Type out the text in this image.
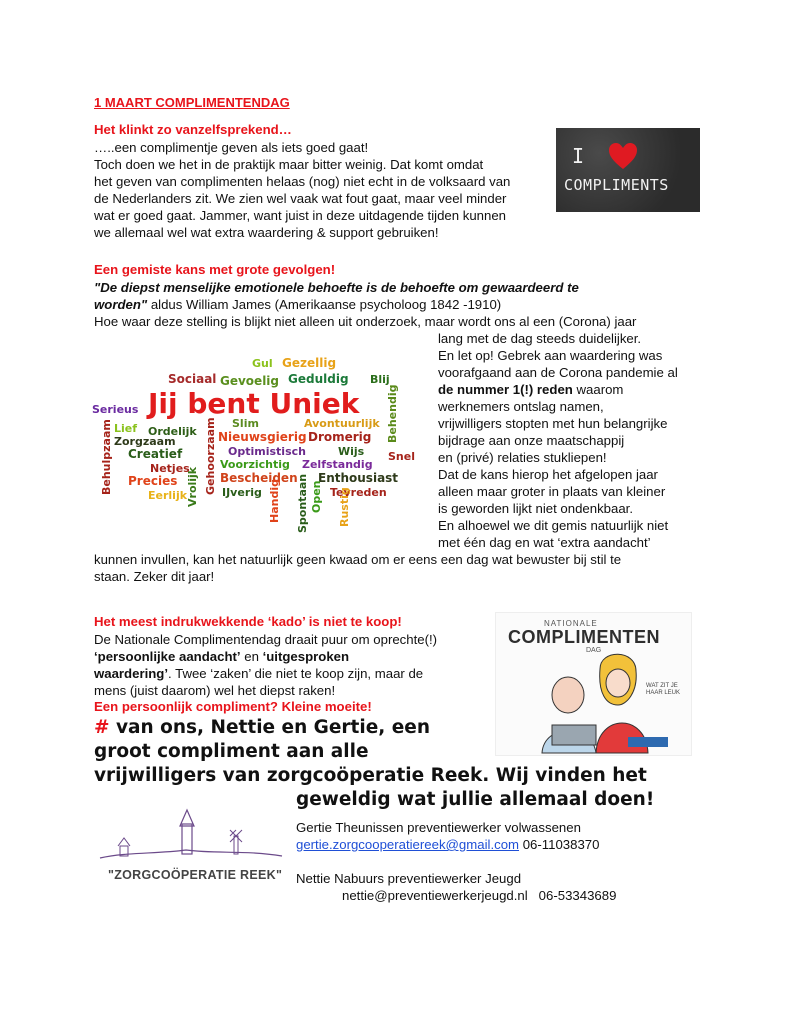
1 MAART COMPLIMENTENDAG
Het klinkt zo vanzelfsprekend…
…..een complimentje geven als iets goed gaat!
Toch doen we het in de praktijk maar bitter weinig. Dat komt omdat
het geven van complimenten helaas (nog) niet echt in de volksaard van
de Nederlanders zit. We zien wel vaak wat fout gaat, maar veel minder
wat er goed gaat. Jammer, want juist in deze uitdagende tijden kunnen
we allemaal wel wat extra waardering & support gebruiken!
I
COMPLIMENTS
Een gemiste kans met grote gevolgen!
"De diepst menselijke emotionele behoefte is de behoefte om gewaardeerd te
worden" aldus William James (Amerikaanse psycholoog 1842 -1910)
Hoe waar deze stelling is blijkt niet alleen uit onderzoek, maar wordt ons al een (Corona) jaar
lang met de dag steeds duidelijker.
En let op! Gebrek aan waardering was
voorafgaand aan de Corona pandemie al
de nummer 1(!) reden waarom
werknemers ontslag namen,
vrijwilligers stopten met hun belangrijke
bijdrage aan onze maatschappij
en (privé) relaties stukliepen!
Dat de kans hierop het afgelopen jaar
alleen maar groter in plaats van kleiner
is geworden lijkt niet ondenkbaar.
En alhoewel we dit gemis natuurlijk niet
met één dag en wat ‘extra aandacht’
kunnen invullen, kan het natuurlijk geen kwaad om er eens een dag wat bewuster bij stil te
staan. Zeker dit jaar!
Gul Gezellig
Sociaal Gevoelig Geduldig Blij
Serieus Jij bent Uniek
Slim	Avontuurlijk
Lief Ordelijk Nieuwsgierig Dromerig
Zorgzaam
Optimistisch	Wijs
Creatief
Voorzichtig Zelfstandig
Snel
Netjes
Bescheiden Enthousiast
Precies
IJverig	Tevreden
Eerlijk
Behulpzaam	Vrolijk Gehoorzaam
Handig Spontaan Open Rustig
Behendig
Het meest indrukwekkende ‘kado’ is niet te koop!
De Nationale Complimentendag draait puur om oprechte(!)
‘persoonlijke aandacht’ en ‘uitgesproken
waardering’. Twee ‘zaken’ die niet te koop zijn, maar de
mens (juist daarom) wel het diepst raken!
Een persoonlijk compliment? Kleine moeite!
# van ons, Nettie en Gertie, een
groot compliment aan alle
vrijwilligers van zorgcoöperatie Reek. Wij vinden het
geweldig wat jullie allemaal doen!
NATIONALE
COMPLIMENTEN
DAG
WAT ZIT JE HAAR LEUK
"ZORGCOÖPERATIE REEK"
Gertie Theunissen preventiewerker volwassenen
gertie.zorgcooperatiereek@gmail.com 06-11038370
Nettie Nabuurs preventiewerker Jeugd
nettie@preventiewerkerjeugd.nl 06-53343689
